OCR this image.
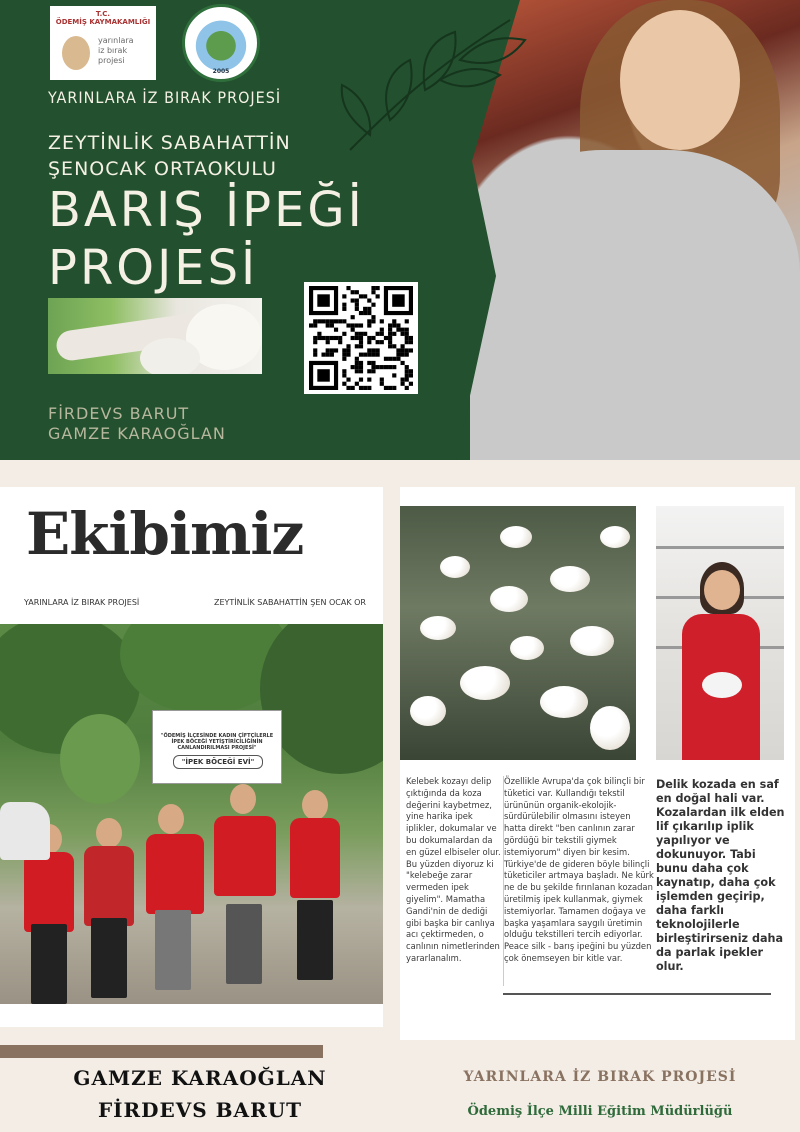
T.C.
ÖDEMİŞ KAYMAKAMLIĞI
yarınlara
iz bırak
projesi
2005
YARINLARA İZ BIRAK PROJESİ
ZEYTİNLİK SABAHATTİN
ŞENOCAK ORTAOKULU
BARIŞ İPEĞİ
PROJESİ
FİRDEVS BARUT
GAMZE KARAOĞLAN
Ekibimiz
YARINLARA İZ BIRAK PROJESİ	ZEYTİNLİK SABAHATTİN ŞEN OCAK OR
"ÖDEMİŞ İLÇESİNDE KADIN ÇİFTÇİLERLE İPEK BÖCEĞİ YETİŞTİRİCİLİĞİNİN CANLANDIRILMASI PROJESİ"
"İPEK BÖCEĞİ EVİ"
Kelebek kozayı delip çıktığında da koza değerini kaybetmez, yine harika ipek iplikler, dokumalar ve bu dokumalardan da en güzel elbiseler olur. Bu yüzden diyoruz ki "kelebeğe zarar vermeden ipek giyelim". Mamatha Gandi'nin de dediği gibi başka bir canlıya acı çektirmeden, o canlının nimetlerinden yararlanalım.
Özellikle Avrupa'da çok bilinçli bir tüketici var. Kullandığı tekstil ürününün organik-ekolojik-sürdürülebilir olmasını isteyen hatta direkt "ben canlının zarar gördüğü bir tekstili giymek istemiyorum" diyen bir kesim. Türkiye'de de gideren böyle bilinçli tüketiciler artmaya başladı. Ne kürk ne de bu şekilde fırınlanan kozadan üretilmiş ipek kullanmak, giymek istemiyorlar. Tamamen doğaya ve başka yaşamlara saygılı üretimin olduğu tekstilleri tercih ediyorlar. Peace silk - barış ipeğini bu yüzden çok önemseyen bir kitle var.
Delik kozada en saf en doğal hali var. Kozalardan ilk elden lif çıkarılıp iplik yapılıyor ve dokunuyor. Tabi bunu daha çok kaynatıp, daha çok işlemden geçirip, daha farklı teknolojilerle birleştirirseniz daha da parlak ipekler olur.
GAMZE KARAOĞLAN
FİRDEVS BARUT
YARINLARA İZ BIRAK PROJESİ
Ödemiş İlçe Milli Eğitim Müdürlüğü
